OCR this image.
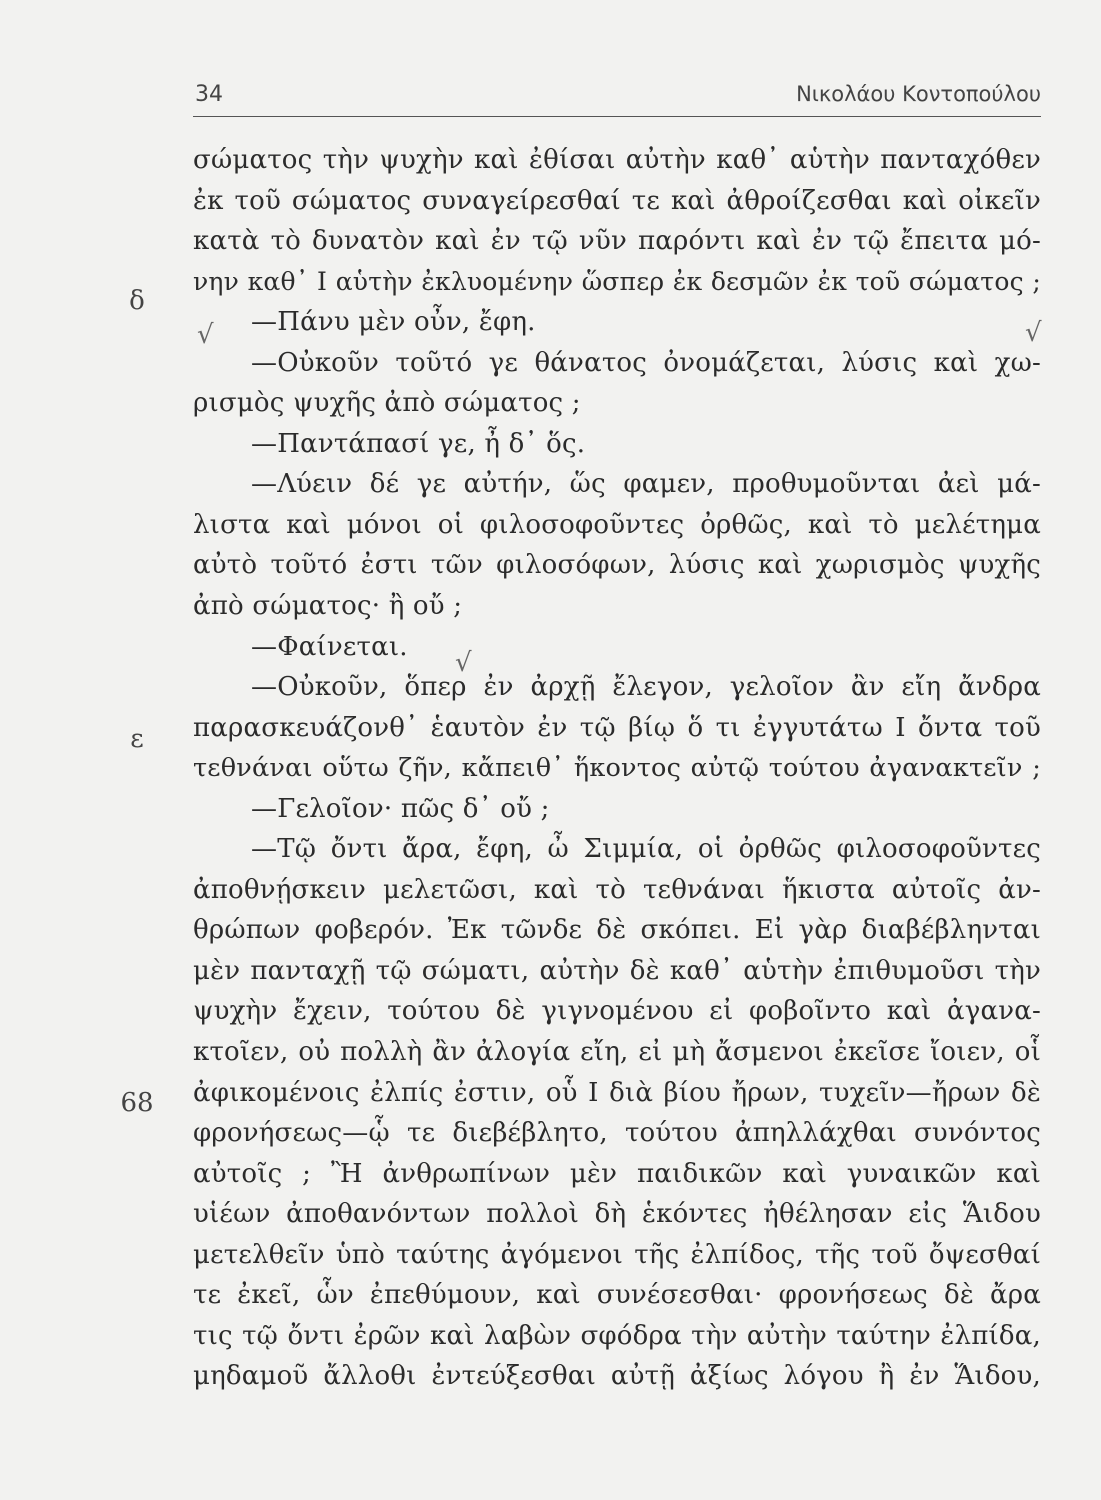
34	Νικολάου Κοντοπούλου
δ
ε
68
√	√
√
σώματος τὴν ψυχὴν καὶ ἐθίσαι αὐτὴν καθ᾽ αὑτὴν πανταχόθεν
ἐκ τοῦ σώματος συναγείρεσθαί τε καὶ ἀθροίζεσθαι καὶ οἰκεῖν
κατὰ τὸ δυνατὸν καὶ ἐν τῷ νῦν παρόντι καὶ ἐν τῷ ἔπειτα μό-
νην καθ᾽ Ι αὑτὴν ἐκλυομένην ὥσπερ ἐκ δεσμῶν ἐκ τοῦ σώματος ;
—Πάνυ μὲν οὖν, ἔφη.
—Οὐκοῦν τοῦτό γε θάνατος ὀνομάζεται, λύσις καὶ χω-
ρισμὸς ψυχῆς ἀπὸ σώματος ;
—Παντάπασί γε, ἦ δ᾽ ὅς.
—Λύειν δέ γε αὐτήν, ὥς φαμεν, προθυμοῦνται ἀεὶ μά-
λιστα καὶ μόνοι οἱ φιλοσοφοῦντες ὀρθῶς, καὶ τὸ μελέτημα
αὐτὸ τοῦτό ἐστι τῶν φιλοσόφων, λύσις καὶ χωρισμὸς ψυχῆς
ἀπὸ σώματος· ἢ οὔ ;
—Φαίνεται.
—Οὐκοῦν, ὅπερ ἐν ἀρχῇ ἔλεγον, γελοῖον ἂν εἴη ἄνδρα
παρασκευάζονθ᾽ ἑαυτὸν ἐν τῷ βίῳ ὅ τι ἐγγυτάτω Ι ὄντα τοῦ
τεθνάναι οὕτω ζῆν, κἄπειθ᾽ ἥκοντος αὐτῷ τούτου ἀγανακτεῖν ;
—Γελοῖον· πῶς δ᾽ οὔ ;
—Τῷ ὄντι ἄρα, ἔφη, ὦ Σιμμία, οἱ ὀρθῶς φιλοσοφοῦντες
ἀποθνῄσκειν μελετῶσι, καὶ τὸ τεθνάναι ἥκιστα αὐτοῖς ἀν-
θρώπων φοβερόν. Ἐκ τῶνδε δὲ σκόπει. Εἰ γὰρ διαβέβληνται
μὲν πανταχῇ τῷ σώματι, αὐτὴν δὲ καθ᾽ αὑτὴν ἐπιθυμοῦσι τὴν
ψυχὴν ἔχειν, τούτου δὲ γιγνομένου εἰ φοβοῖντο καὶ ἀγανα-
κτοῖεν, οὐ πολλὴ ἂν ἀλογία εἴη, εἰ μὴ ἄσμενοι ἐκεῖσε ἴοιεν, οἷ
ἀφικομένοις ἐλπίς ἐστιν, οὗ Ι διὰ βίου ἤρων, τυχεῖν—ἤρων δὲ
φρονήσεως—ᾧ τε διεβέβλητο, τούτου ἀπηλλάχθαι συνόντος
αὐτοῖς ; Ἢ ἀνθρωπίνων μὲν παιδικῶν καὶ γυναικῶν καὶ
υἱέων ἀποθανόντων πολλοὶ δὴ ἑκόντες ἠθέλησαν εἰς Ἅιδου
μετελθεῖν ὑπὸ ταύτης ἀγόμενοι τῆς ἐλπίδος, τῆς τοῦ ὄψεσθαί
τε ἐκεῖ, ὧν ἐπεθύμουν, καὶ συνέσεσθαι· φρονήσεως δὲ ἄρα
τις τῷ ὄντι ἐρῶν καὶ λαβὼν σφόδρα τὴν αὐτὴν ταύτην ἐλπίδα,
μηδαμοῦ ἄλλοθι ἐντεύξεσθαι αὐτῇ ἀξίως λόγου ἢ ἐν Ἅιδου,
